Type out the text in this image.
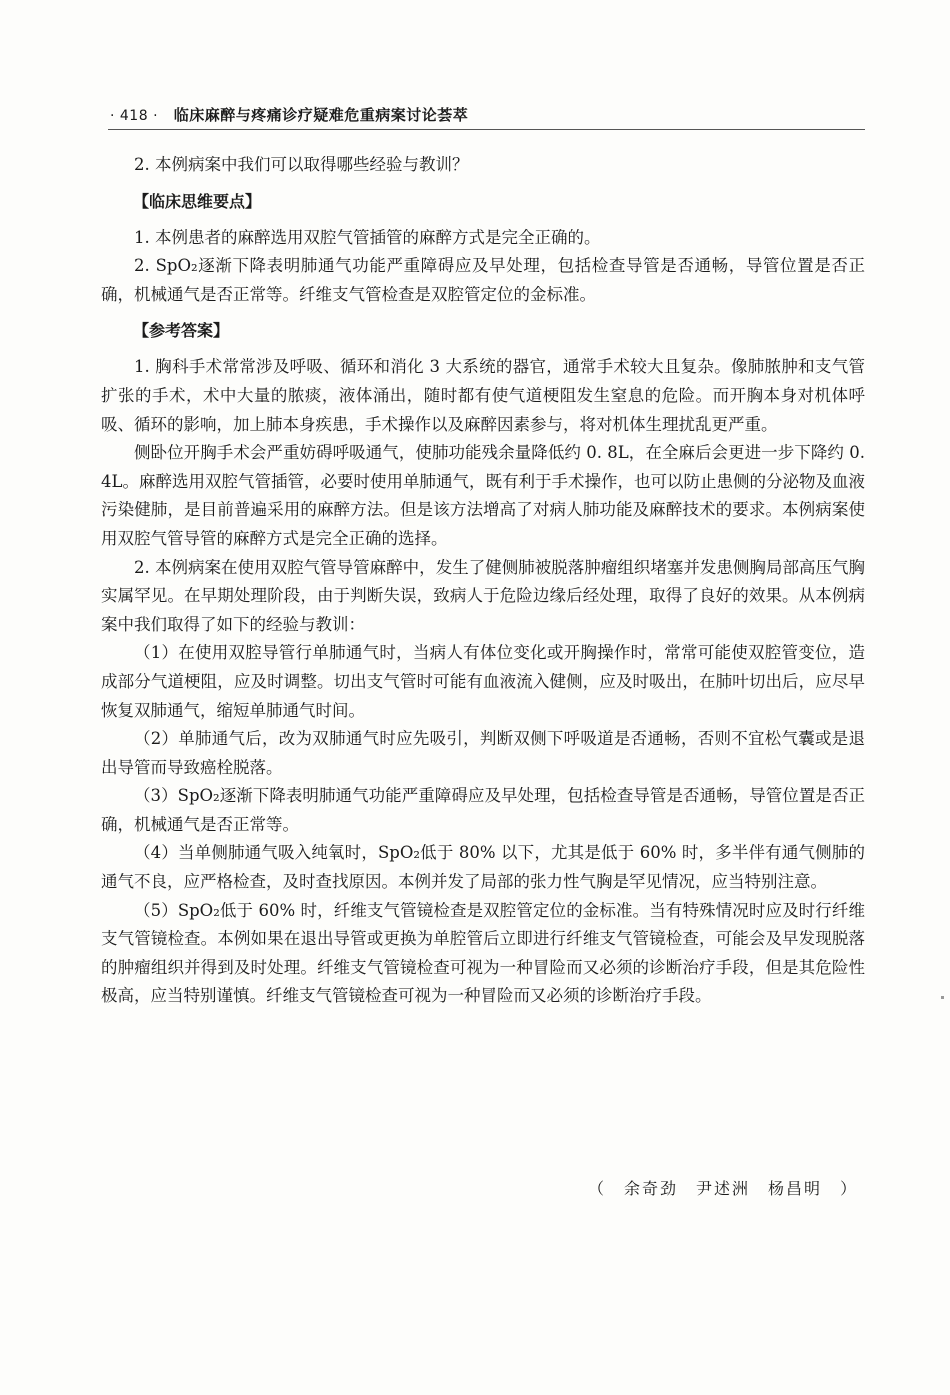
· 418 · 临床麻醉与疼痛诊疗疑难危重病案讨论荟萃

2. 本例病案中我们可以取得哪些经验与教训？

【临床思维要点】

1. 本例患者的麻醉选用双腔气管插管的麻醉方式是完全正确的。

2. SpO₂逐渐下降表明肺通气功能严重障碍应及早处理，包括检查导管是否通畅，导管位置是否正确，机械通气是否正常等。纤维支气管检查是双腔管定位的金标准。

【参考答案】

1. 胸科手术常常涉及呼吸、循环和消化 3 大系统的器官，通常手术较大且复杂。像肺脓肿和支气管扩张的手术，术中大量的脓痰，液体涌出，随时都有使气道梗阻发生窒息的危险。而开胸本身对机体呼吸、循环的影响，加上肺本身疾患，手术操作以及麻醉因素参与，将对机体生理扰乱更严重。

侧卧位开胸手术会严重妨碍呼吸通气，使肺功能残余量降低约 0. 8L，在全麻后会更进一步下降约 0. 4L。麻醉选用双腔气管插管，必要时使用单肺通气，既有利于手术操作，也可以防止患侧的分泌物及血液污染健肺，是目前普遍采用的麻醉方法。但是该方法增高了对病人肺功能及麻醉技术的要求。本例病案使用双腔气管导管的麻醉方式是完全正确的选择。

2. 本例病案在使用双腔气管导管麻醉中，发生了健侧肺被脱落肿瘤组织堵塞并发患侧胸局部高压气胸实属罕见。在早期处理阶段，由于判断失误，致病人于危险边缘后经处理，取得了良好的效果。从本例病案中我们取得了如下的经验与教训：

（1）在使用双腔导管行单肺通气时，当病人有体位变化或开胸操作时，常常可能使双腔管变位，造成部分气道梗阻，应及时调整。切出支气管时可能有血液流入健侧，应及时吸出，在肺叶切出后，应尽早恢复双肺通气，缩短单肺通气时间。

（2）单肺通气后，改为双肺通气时应先吸引，判断双侧下呼吸道是否通畅，否则不宜松气囊或是退出导管而导致癌栓脱落。

（3）SpO₂逐渐下降表明肺通气功能严重障碍应及早处理，包括检查导管是否通畅，导管位置是否正确，机械通气是否正常等。

（4）当单侧肺通气吸入纯氧时，SpO₂低于 80% 以下，尤其是低于 60% 时，多半伴有通气侧肺的通气不良，应严格检查，及时查找原因。本例并发了局部的张力性气胸是罕见情况，应当特别注意。

（5）SpO₂低于 60% 时，纤维支气管镜检查是双腔管定位的金标准。当有特殊情况时应及时行纤维支气管镜检查。本例如果在退出导管或更换为单腔管后立即进行纤维支气管镜检查，可能会及早发现脱落的肿瘤组织并得到及时处理。纤维支气管镜检查可视为一种冒险而又必须的诊断治疗手段，但是其危险性极高，应当特别谨慎。纤维支气管镜检查可视为一种冒险而又必须的诊断治疗手段。

（ 余奇劲 尹述洲 杨昌明 ）
